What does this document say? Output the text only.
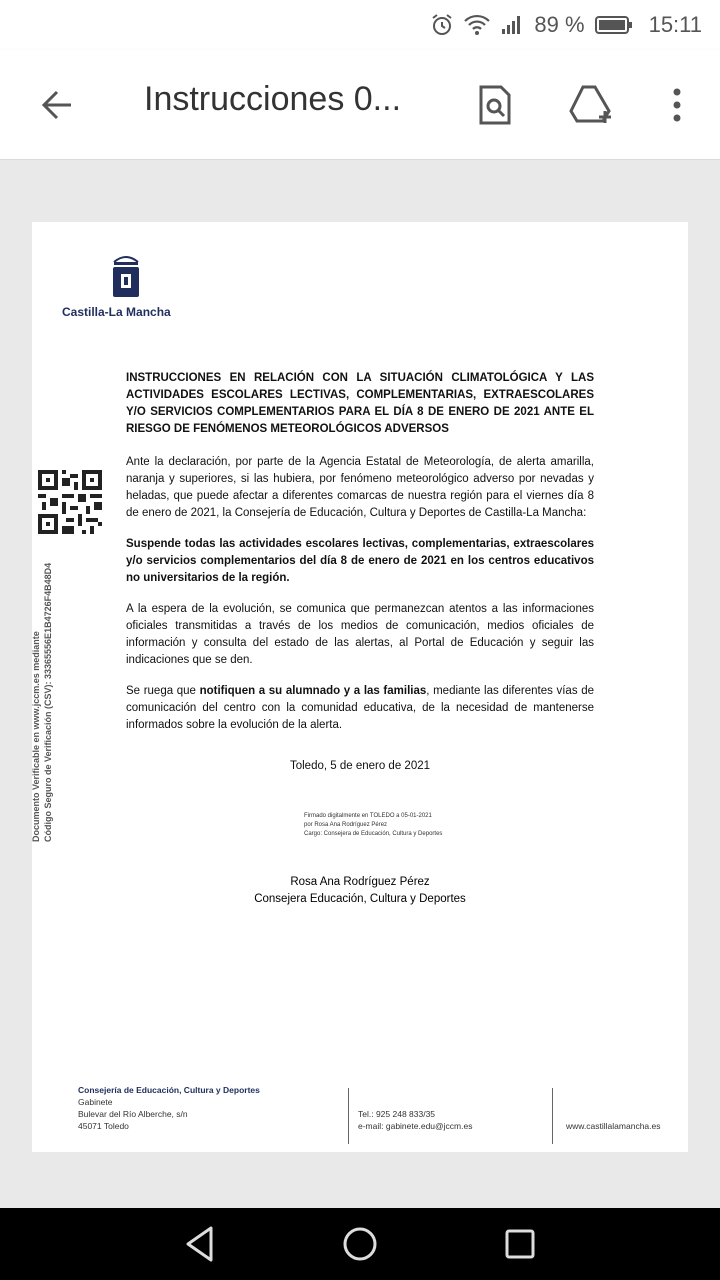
89 %	15:11
Instrucciones 0...
Castilla-La Mancha
Documento Verificable en www.jccm.es mediante Código Seguro de Verificación (CSV): 33365556E1B4726F4B48D4
INSTRUCCIONES EN RELACIÓN CON LA SITUACIÓN CLIMATOLÓGICA Y LAS ACTIVIDADES ESCOLARES LECTIVAS, COMPLEMENTARIAS, EXTRAESCOLARES Y/O SERVICIOS COMPLEMENTARIOS PARA EL DÍA 8 DE ENERO DE 2021 ANTE EL RIESGO DE FENÓMENOS METEOROLÓGICOS ADVERSOS

Ante la declaración, por parte de la Agencia Estatal de Meteorología, de alerta amarilla, naranja y superiores, si las hubiera, por fenómeno meteorológico adverso por nevadas y heladas, que puede afectar a diferentes comarcas de nuestra región para el viernes día 8 de enero de 2021, la Consejería de Educación, Cultura y Deportes de Castilla-La Mancha:

Suspende todas las actividades escolares lectivas, complementarias, extraescolares y/o servicios complementarios del día 8 de enero de 2021 en los centros educativos no universitarios de la región.

A la espera de la evolución, se comunica que permanezcan atentos a las informaciones oficiales transmitidas a través de los medios de comunicación, medios oficiales de información y consulta del estado de las alertas, al Portal de Educación y seguir las indicaciones que se den.

Se ruega que notifiquen a su alumnado y a las familias, mediante las diferentes vías de comunicación del centro con la comunidad educativa, de la necesidad de mantenerse informados sobre la evolución de la alerta.

Toledo, 5 de enero de 2021
Firmado digitalmente en TOLEDO a 05-01-2021
por Rosa Ana Rodríguez Pérez
Cargo: Consejera de Educación, Cultura y Deportes
Rosa Ana Rodríguez Pérez
Consejera Educación, Cultura y Deportes
Consejería de Educación, Cultura y Deportes
Gabinete
Bulevar del Río Alberche, s/n
45071 Toledo
Tel.: 925 248 833/35
e-mail: gabinete.edu@jccm.es	www.castillalamancha.es
